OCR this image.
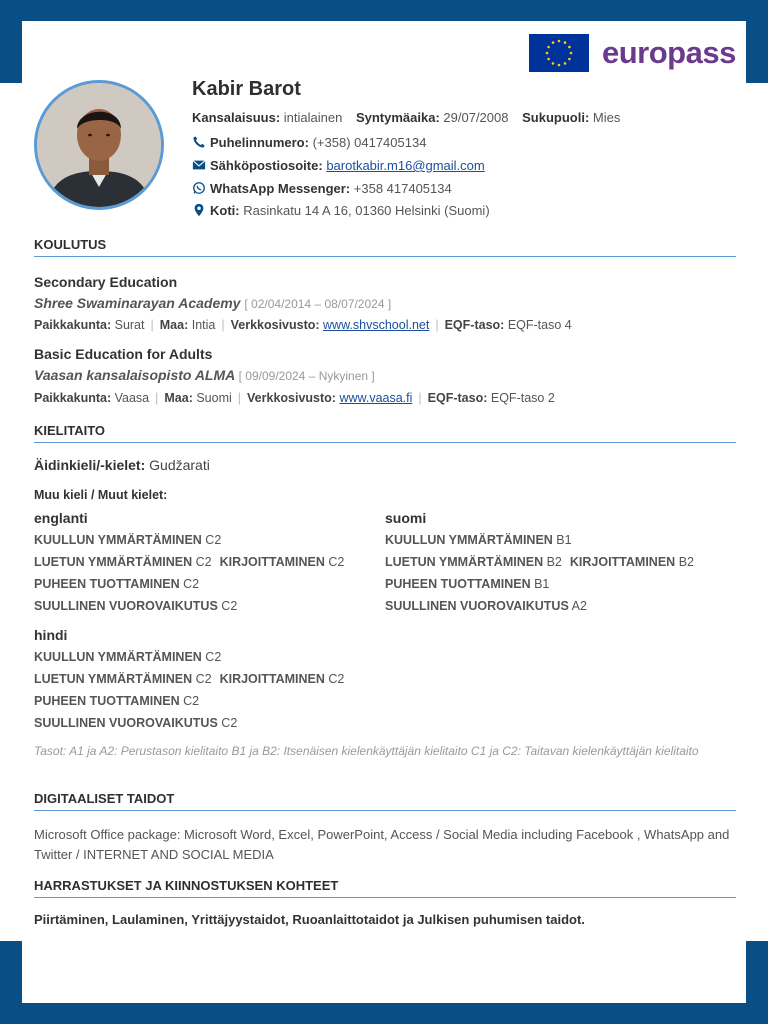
europass
Kabir Barot
Kansalaisuus: intialainen Syntymäaika: 29/07/2008 Sukupuoli: Mies
Puhelinnumero: (+358) 0417405134
Sähköpostiosoite: barotkabir.m16@gmail.com
WhatsApp Messenger: +358 417405134
Koti: Rasinkatu 14 A 16, 01360 Helsinki (Suomi)
KOULUTUS
Secondary Education
Shree Swaminarayan Academy [ 02/04/2014 – 08/07/2024 ]
Paikkakunta: Surat | Maa: Intia | Verkkosivusto: www.shvschool.net | EQF-taso: EQF-taso 4
Basic Education for Adults
Vaasan kansalaisopisto ALMA [ 09/09/2024 – Nykyinen ]
Paikkakunta: Vaasa | Maa: Suomi | Verkkosivusto: www.vaasa.fi | EQF-taso: EQF-taso 2
KIELITAITO
Äidinkieli/-kielet: Gudžarati
Muu kieli / Muut kielet:
englanti
KUULLUN YMMÄRTÄMINEN C2
LUETUN YMMÄRTÄMINEN C2 KIRJOITTAMINEN C2
PUHEEN TUOTTAMINEN C2
SUULLINEN VUOROVAIKUTUS C2
suomi
KUULLUN YMMÄRTÄMINEN B1
LUETUN YMMÄRTÄMINEN B2 KIRJOITTAMINEN B2
PUHEEN TUOTTAMINEN B1
SUULLINEN VUOROVAIKUTUS A2
hindi
KUULLUN YMMÄRTÄMINEN C2
LUETUN YMMÄRTÄMINEN C2 KIRJOITTAMINEN C2
PUHEEN TUOTTAMINEN C2
SUULLINEN VUOROVAIKUTUS C2
Tasot: A1 ja A2: Perustason kielitaito B1 ja B2: Itsenäisen kielenkäyttäjän kielitaito C1 ja C2: Taitavan kielenkäyttäjän kielitaito
DIGITAALISET TAIDOT
Microsoft Office package: Microsoft Word, Excel, PowerPoint, Access / Social Media including Facebook , WhatsApp and Twitter / INTERNET AND SOCIAL MEDIA
HARRASTUKSET JA KIINNOSTUKSEN KOHTEET
Piirtäminen, Laulaminen, Yrittäjyystaidot, Ruoanlaittotaidot ja Julkisen puhumisen taidot.
